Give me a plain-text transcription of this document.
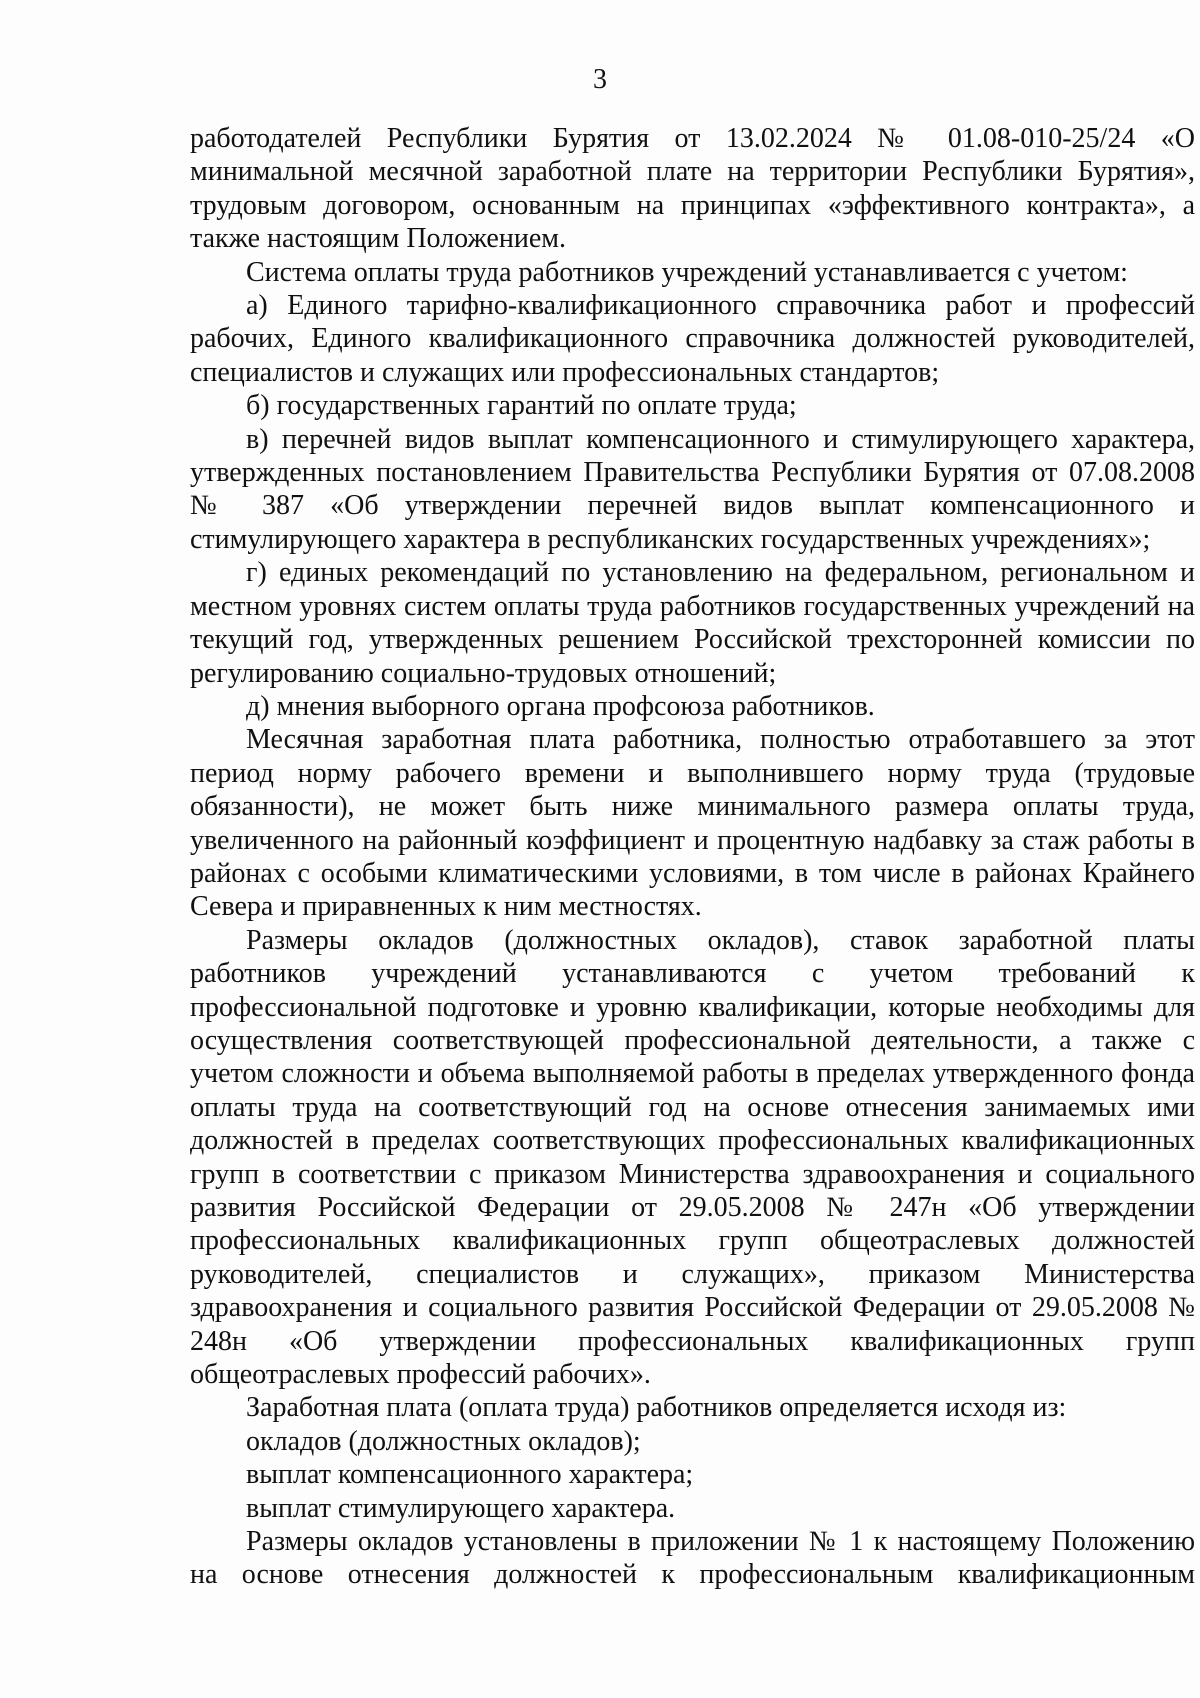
3

работодателей Республики Бурятия от 13.02.2024 № 01.08-010-25/24 «О минимальной месячной заработной плате на территории Республики Бурятия», трудовым договором, основанным на принципах «эффективного контракта», а также настоящим Положением.

Система оплаты труда работников учреждений устанавливается с учетом:

а) Единого тарифно-квалификационного справочника работ и профессий рабочих, Единого квалификационного справочника должностей руководителей, специалистов и служащих или профессиональных стандартов;

б) государственных гарантий по оплате труда;

в) перечней видов выплат компенсационного и стимулирующего характера, утвержденных постановлением Правительства Республики Бурятия от 07.08.2008 № 387 «Об утверждении перечней видов выплат компенсационного и стимулирующего характера в республиканских государственных учреждениях»;

г) единых рекомендаций по установлению на федеральном, региональном и местном уровнях систем оплаты труда работников государственных учреждений на текущий год, утвержденных решением Российской трехсторонней комиссии по регулированию социально-трудовых отношений;

д) мнения выборного органа профсоюза работников.

Месячная заработная плата работника, полностью отработавшего за этот период норму рабочего времени и выполнившего норму труда (трудовые обязанности), не может быть ниже минимального размера оплаты труда, увеличенного на районный коэффициент и процентную надбавку за стаж работы в районах с особыми климатическими условиями, в том числе в районах Крайнего Севера и приравненных к ним местностях.

Размеры окладов (должностных окладов), ставок заработной платы работников учреждений устанавливаются с учетом требований к профессиональной подготовке и уровню квалификации, которые необходимы для осуществления соответствующей профессиональной деятельности, а также с учетом сложности и объема выполняемой работы в пределах утвержденного фонда оплаты труда на соответствующий год на основе отнесения занимаемых ими должностей в пределах соответствующих профессиональных квалификационных групп в соответствии с приказом Министерства здравоохранения и социального развития Российской Федерации от 29.05.2008 № 247н «Об утверждении профессиональных квалификационных групп общеотраслевых должностей руководителей, специалистов и служащих», приказом Министерства здравоохранения и социального развития Российской Федерации от 29.05.2008 № 248н «Об утверждении профессиональных квалификационных групп общеотраслевых профессий рабочих».

Заработная плата (оплата труда) работников определяется исходя из:

окладов (должностных окладов);

выплат компенсационного характера;

выплат стимулирующего характера.

Размеры окладов установлены в приложении № 1 к настоящему Положению на основе отнесения должностей к профессиональным квалификационным
